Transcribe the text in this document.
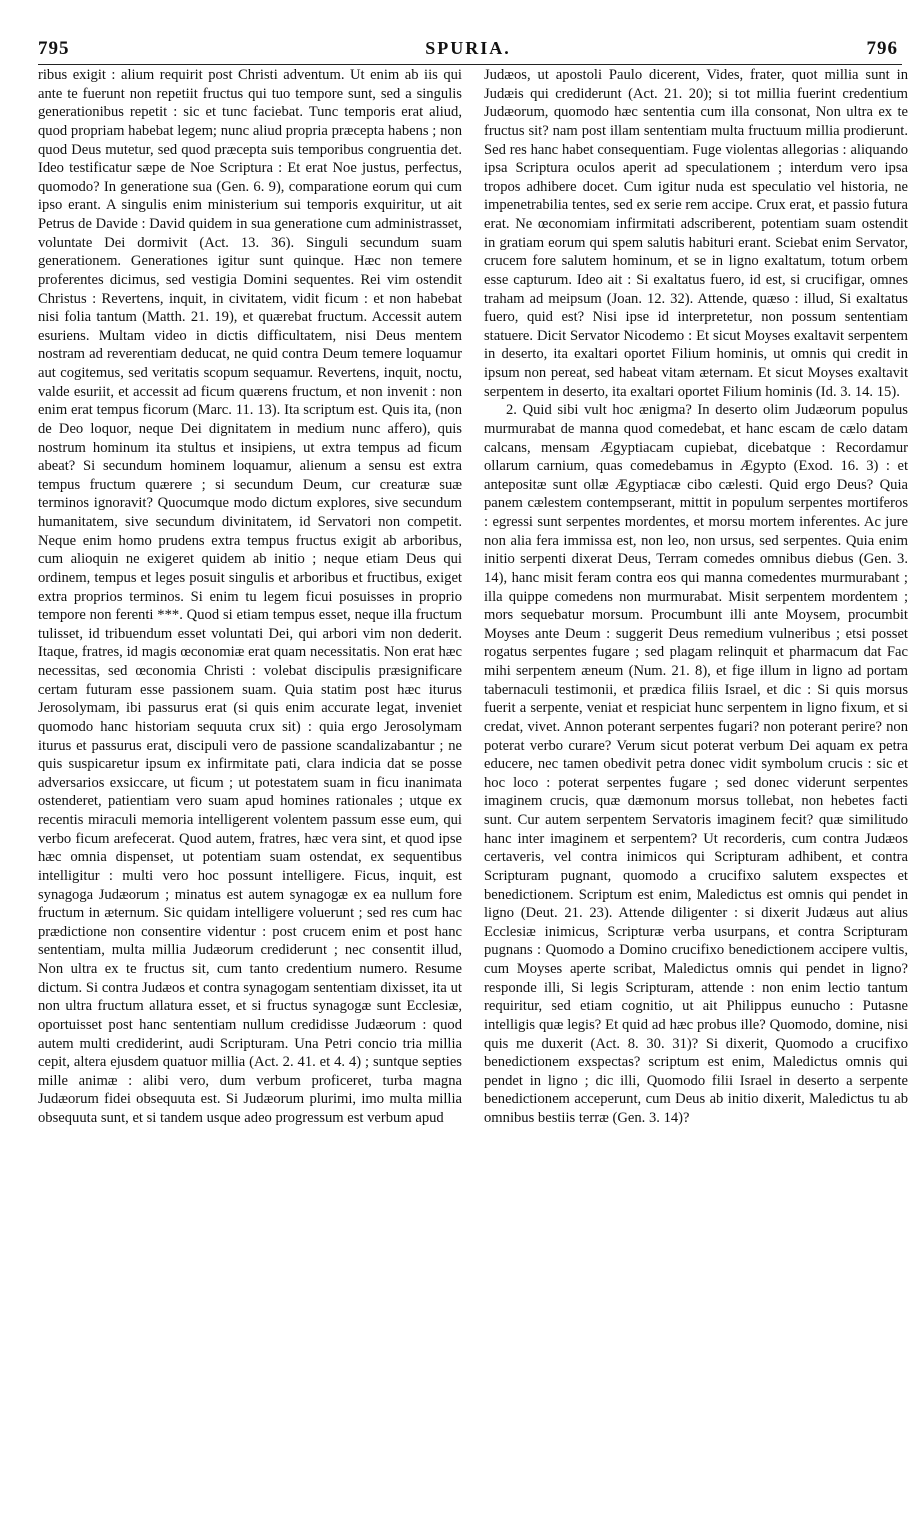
795	SPURIA.	796

ribus exigit : alium requirit post Christi adventum. Ut enim ab iis qui ante te fuerunt non repetiit fructus qui tuo tempore sunt, sed a singulis generationibus repetit : sic et tunc faciebat. Tunc temporis erat aliud, quod propriam habebat legem; nunc aliud propria præcepta habens ; non quod Deus mutetur, sed quod præcepta suis temporibus congruentia det. Ideo testificatur sæpe de Noe Scriptura : Et erat Noe justus, perfectus, quomodo? In generatione sua (Gen. 6. 9), comparatione eorum qui cum ipso erant. A singulis enim ministerium sui temporis exquiritur, ut ait Petrus de Davide : David quidem in sua generatione cum administrasset, voluntate Dei dormivit (Act. 13. 36). Singuli secundum suam generationem. Generationes igitur sunt quinque. Hæc non temere proferentes dicimus, sed vestigia Domini sequentes. Rei vim ostendit Christus : Revertens, inquit, in civitatem, vidit ficum : et non habebat nisi folia tantum (Matth. 21. 19), et quærebat fructum. Accessit autem esuriens. Multam video in dictis difficultatem, nisi Deus mentem nostram ad reverentiam deducat, ne quid contra Deum temere loquamur aut cogitemus, sed veritatis scopum sequamur. Revertens, inquit, noctu, valde esuriit, et accessit ad ficum quærens fructum, et non invenit : non enim erat tempus ficorum (Marc. 11. 13). Ita scriptum est. Quis ita, (non de Deo loquor, neque Dei dignitatem in medium nunc affero), quis nostrum hominum ita stultus et insipiens, ut extra tempus ad ficum abeat? Si secundum hominem loquamur, alienum a sensu est extra tempus fructum quærere ; si secundum Deum, cur creaturæ suæ terminos ignoravit? Quocumque modo dictum explores, sive secundum humanitatem, sive secundum divinitatem, id Servatori non competit. Neque enim homo prudens extra tempus fructus exigit ab arboribus, cum alioquin ne exigeret quidem ab initio ; neque etiam Deus qui ordinem, tempus et leges posuit singulis et arboribus et fructibus, exiget extra proprios terminos. Si enim tu legem ficui posuisses in proprio tempore non ferenti ***. Quod si etiam tempus esset, neque illa fructum tulisset, id tribuendum esset voluntati Dei, qui arbori vim non dederit. Itaque, fratres, id magis œconomiæ erat quam necessitatis. Non erat hæc necessitas, sed œconomia Christi : volebat discipulis præsignificare certam futuram esse passionem suam. Quia statim post hæc iturus Jerosolymam, ibi passurus erat (si quis enim accurate legat, inveniet quomodo hanc historiam sequuta crux sit) : quia ergo Jerosolymam iturus et passurus erat, discipuli vero de passione scandalizabantur ; ne quis suspicaretur ipsum ex infirmitate pati, clara indicia dat se posse adversarios exsiccare, ut ficum ; ut potestatem suam in ficu inanimata ostenderet, patientiam vero suam apud homines rationales ; utque ex recentis miraculi memoria intelligerent volentem passum esse eum, qui verbo ficum arefecerat. Quod autem, fratres, hæc vera sint, et quod ipse hæc omnia dispenset, ut potentiam suam ostendat, ex sequentibus intelligitur : multi vero hoc possunt intelligere. Ficus, inquit, est synagoga Judæorum ; minatus est autem synagogæ ex ea nullum fore fructum in æternum. Sic quidam intelligere voluerunt ; sed res cum hac prædictione non consentire videntur : post crucem enim et post hanc sententiam, multa millia Judæorum crediderunt ; nec consentit illud, Non ultra ex te fructus sit, cum tanto credentium numero. Resume dictum. Si contra Judæos et contra synagogam sententiam dixisset, ita ut non ultra fructum allatura esset, et si fructus synagogæ sunt Ecclesiæ, oportuisset post hanc sententiam nullum credidisse Judæorum : quod autem multi crediderint, audi Scripturam. Una Petri concio tria millia cepit, altera ejusdem quatuor millia (Act. 2. 41. et 4. 4) ; suntque septies mille animæ : alibi vero, dum verbum proficeret, turba magna Judæorum fidei obsequuta est. Si Judæorum plurimi, imo multa millia obsequuta sunt, et si tandem usque adeo progressum est verbum apud

Judæos, ut apostoli Paulo dicerent, Vides, frater, quot millia sunt in Judæis qui crediderunt (Act. 21. 20); si tot millia fuerint credentium Judæorum, quomodo hæc sententia cum illa consonat, Non ultra ex te fructus sit? nam post illam sententiam multa fructuum millia prodierunt. Sed res hanc habet consequentiam. Fuge violentas allegorias : aliquando ipsa Scriptura oculos aperit ad speculationem ; interdum vero ipsa tropos adhibere docet. Cum igitur nuda est speculatio vel historia, ne impenetrabilia tentes, sed ex serie rem accipe. Crux erat, et passio futura erat. Ne œconomiam infirmitati adscriberent, potentiam suam ostendit in gratiam eorum qui spem salutis habituri erant. Sciebat enim Servator, crucem fore salutem hominum, et se in ligno exaltatum, totum orbem esse capturum. Ideo ait : Si exaltatus fuero, id est, si crucifigar, omnes traham ad meipsum (Joan. 12. 32). Attende, quæso : illud, Si exaltatus fuero, quid est? Nisi ipse id interpretetur, non possum sententiam statuere. Dicit Servator Nicodemo : Et sicut Moyses exaltavit serpentem in deserto, ita exaltari oportet Filium hominis, ut omnis qui credit in ipsum non pereat, sed habeat vitam æternam. Et sicut Moyses exaltavit serpentem in deserto, ita exaltari oportet Filium hominis (Id. 3. 14. 15).

2. Quid sibi vult hoc ænigma? In deserto olim Judæorum populus murmurabat de manna quod comedebat, et hanc escam de cælo datam calcans, mensam Ægyptiacam cupiebat, dicebatque : Recordamur ollarum carnium, quas comedebamus in Ægypto (Exod. 16. 3) : et antepositæ sunt ollæ Ægyptiacæ cibo cælesti. Quid ergo Deus? Quia panem cælestem contempserant, mittit in populum serpentes mortiferos : egressi sunt serpentes mordentes, et morsu mortem inferentes. Ac jure non alia fera immissa est, non leo, non ursus, sed serpentes. Quia enim initio serpenti dixerat Deus, Terram comedes omnibus diebus (Gen. 3. 14), hanc misit feram contra eos qui manna comedentes murmurabant ; illa quippe comedens non murmurabat. Misit serpentem mordentem ; mors sequebatur morsum. Procumbunt illi ante Moysem, procumbit Moyses ante Deum : suggerit Deus remedium vulneribus ; etsi posset rogatus serpentes fugare ; sed plagam relinquit et pharmacum dat Fac mihi serpentem æneum (Num. 21. 8), et fige illum in ligno ad portam tabernaculi testimonii, et prædica filiis Israel, et dic : Si quis morsus fuerit a serpente, veniat et respiciat hunc serpentem in ligno fixum, et si credat, vivet. Annon poterant serpentes fugari? non poterant perire? non poterat verbo curare? Verum sicut poterat verbum Dei aquam ex petra educere, nec tamen obedivit petra donec vidit symbolum crucis : sic et hoc loco : poterat serpentes fugare ; sed donec viderunt serpentes imaginem crucis, quæ dæmonum morsus tollebat, non hebetes facti sunt. Cur autem serpentem Servatoris imaginem fecit? quæ similitudo hanc inter imaginem et serpentem? Ut recorderis, cum contra Judæos certaveris, vel contra inimicos qui Scripturam adhibent, et contra Scripturam pugnant, quomodo a crucifixo salutem exspectes et benedictionem. Scriptum est enim, Maledictus est omnis qui pendet in ligno (Deut. 21. 23). Attende diligenter : si dixerit Judæus aut alius Ecclesiæ inimicus, Scripturæ verba usurpans, et contra Scripturam pugnans : Quomodo a Domino crucifixo benedictionem accipere vultis, cum Moyses aperte scribat, Maledictus omnis qui pendet in ligno? responde illi, Si legis Scripturam, attende : non enim lectio tantum requiritur, sed etiam cognitio, ut ait Philippus eunucho : Putasne intelligis quæ legis? Et quid ad hæc probus ille? Quomodo, domine, nisi quis me duxerit (Act. 8. 30. 31)? Si dixerit, Quomodo a crucifixo benedictionem exspectas? scriptum est enim, Maledictus omnis qui pendet in ligno ; dic illi, Quomodo filii Israel in deserto a serpente benedictionem acceperunt, cum Deus ab initio dixerit, Maledictus tu ab omnibus bestiis terræ (Gen. 3. 14)?
